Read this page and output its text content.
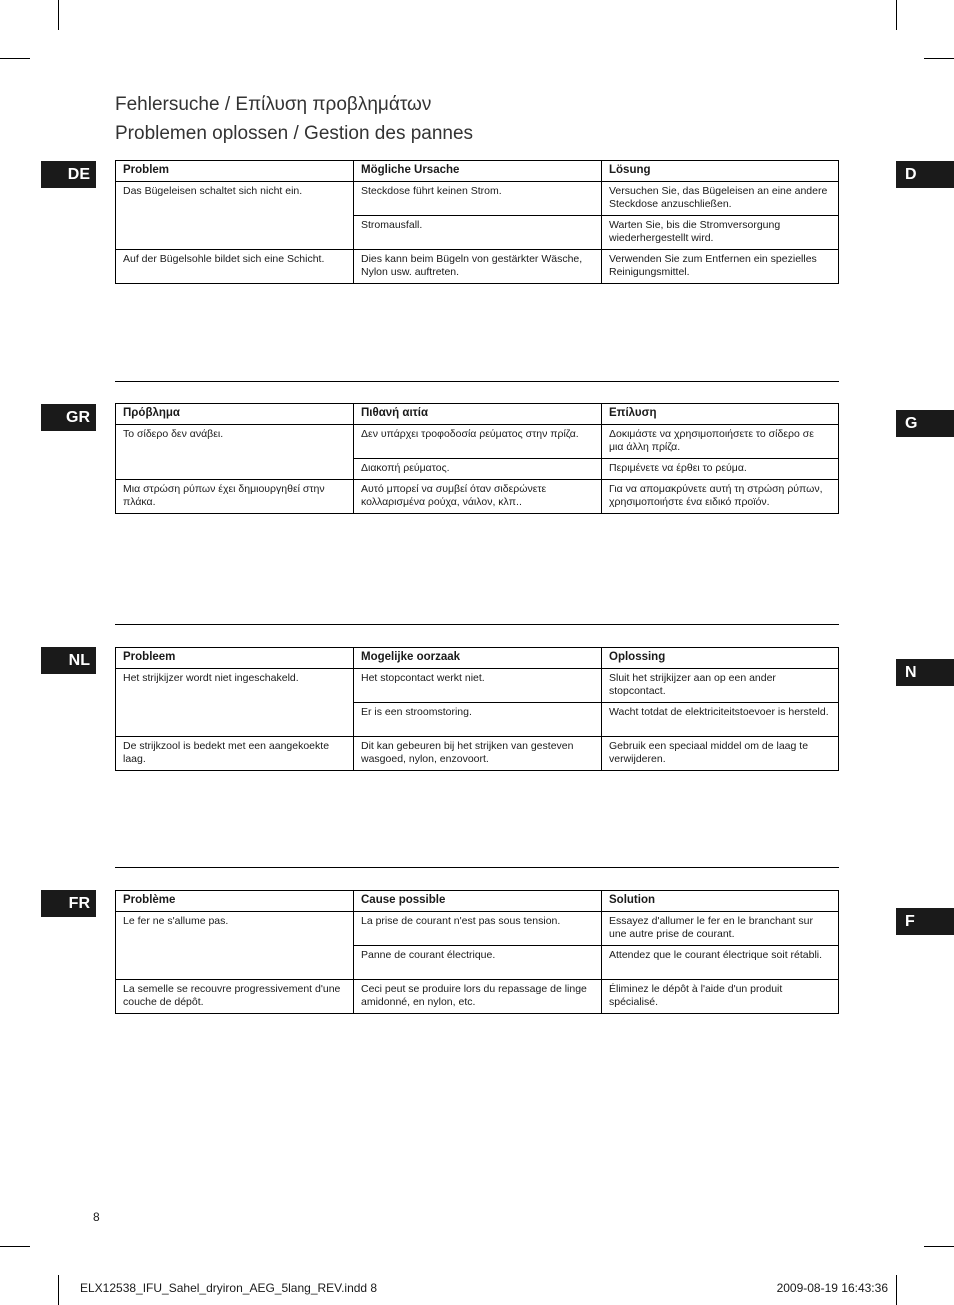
Fehlersuche / Επίλυση προβλημάτων
Problemen oplossen / Gestion des pannes
DE	D
Problem	Mögliche Ursache	Lösung
Das Bügeleisen schaltet sich nicht ein.	Steckdose führt keinen Strom.	Versuchen Sie, das Bügeleisen an eine andere Steckdose anzuschließen.
	Stromausfall.	Warten Sie, bis die Stromversorgung wiederhergestellt wird.
Auf der Bügelsohle bildet sich eine Schicht.	Dies kann beim Bügeln von gestärkter Wäsche, Nylon usw. auftreten.	Verwenden Sie zum Entfernen ein spezielles Reinigungsmittel.
GR	G
Πρόβλημα	Πιθανή αιτία	Επίλυση
Το σίδερο δεν ανάβει.	Δεν υπάρχει τροφοδοσία ρεύματος στην πρίζα.	Δοκιμάστε να χρησιμοποιήσετε το σίδερο σε μια άλλη πρίζα.
	Διακοπή ρεύματος.	Περιμένετε να έρθει το ρεύμα.
Μια στρώση ρύπων έχει δημιουργηθεί στην πλάκα.	Αυτό μπορεί να συμβεί όταν σιδερώνετε κολλαρισμένα ρούχα, νάιλον, κλπ..	Για να απομακρύνετε αυτή τη στρώση ρύπων, χρησιμοποιήστε ένα ειδικό προϊόν.
NL
N
Probleem	Mogelijke oorzaak	Oplossing
Het strijkijzer wordt niet ingeschakeld.	Het stopcontact werkt niet.	Sluit het strijkijzer aan op een ander stopcontact.
	Er is een stroomstoring.	Wacht totdat de elektriciteitstoevoer is hersteld.
De strijkzool is bedekt met een aangekoekte laag.	Dit kan gebeuren bij het strijken van gesteven wasgoed, nylon, enzovoort.	Gebruik een speciaal middel om de laag te verwijderen.
FR
F
Problème	Cause possible	Solution
Le fer ne s'allume pas.	La prise de courant n'est pas sous tension.	Essayez d'allumer le fer en le branchant sur une autre prise de courant.
	Panne de courant électrique.	Attendez que le courant électrique soit rétabli.
La semelle se recouvre progressivement d'une couche de dépôt.	Ceci peut se produire lors du repassage de linge amidonné, en nylon, etc.	Éliminez le dépôt à l'aide d'un produit spécialisé.
8
ELX12538_IFU_Sahel_dryiron_AEG_5lang_REV.indd 8	2009-08-19 16:43:36
